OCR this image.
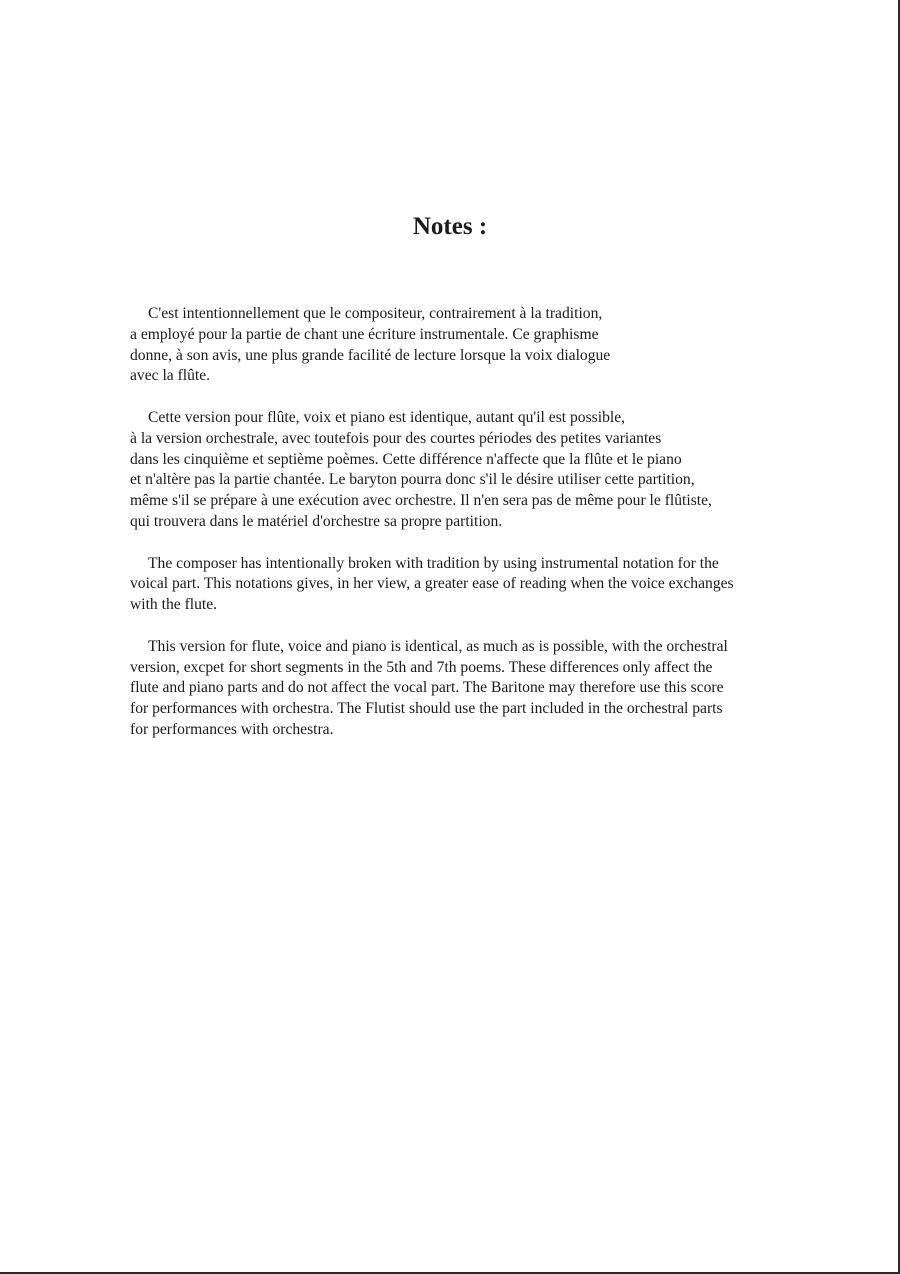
Notes :

C'est intentionnellement que le compositeur, contrairement à la tradition,
a employé pour la partie de chant une écriture instrumentale. Ce graphisme
donne, à son avis, une plus grande facilité de lecture lorsque la voix dialogue
avec la flûte.

Cette version pour flûte, voix et piano est identique, autant qu'il est possible,
à la version orchestrale, avec toutefois pour des courtes périodes des petites variantes
dans les cinquième et septième poèmes. Cette différence n'affecte que la flûte et le piano
et n'altère pas la partie chantée. Le baryton pourra donc s'il le désire utiliser cette partition,
même s'il se prépare à une exécution avec orchestre. Il n'en sera pas de même pour le flûtiste,
qui trouvera dans le matériel d'orchestre sa propre partition.

The composer has intentionally broken with tradition by using instrumental notation for the
voical part. This notations gives, in her view, a greater ease of reading when the voice exchanges
with the flute.

This version for flute, voice and piano is identical, as much as is possible, with the orchestral
version, excpet for short segments in the 5th and 7th poems. These differences only affect the
flute and piano parts and do not affect the vocal part. The Baritone may therefore use this score
for performances with orchestra. The Flutist should use the part included in the orchestral parts
for performances with orchestra.
